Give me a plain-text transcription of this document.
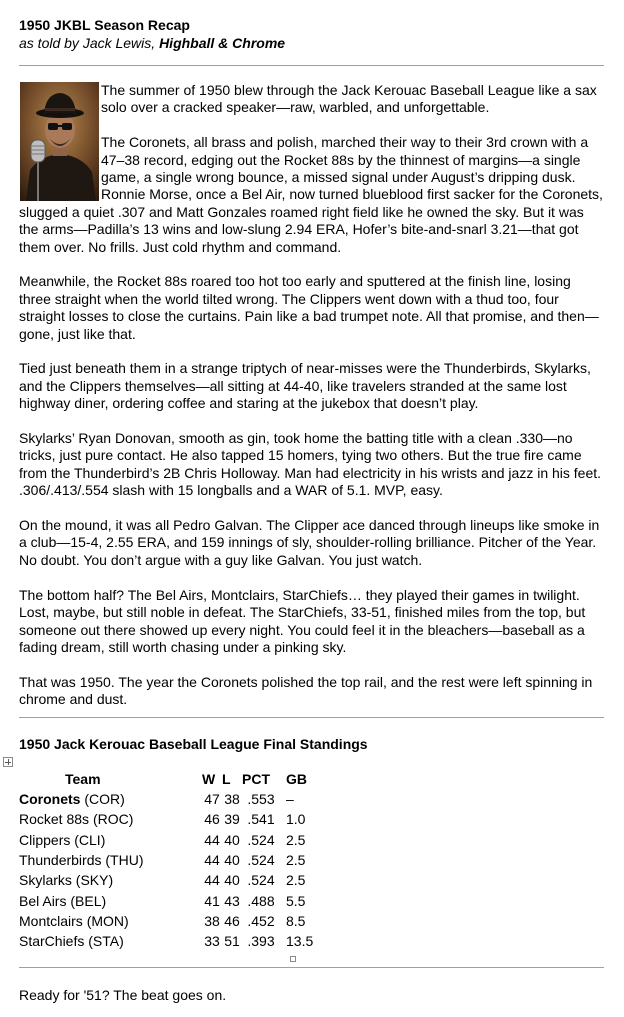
1950 JKBL Season Recap
as told by Jack Lewis, Highball & Chrome

The summer of 1950 blew through the Jack Kerouac Baseball League like a sax solo over a cracked speaker—raw, warbled, and unforgettable.

The Coronets, all brass and polish, marched their way to their 3rd crown with a 47–38 record, edging out the Rocket 88s by the thinnest of margins—a single game, a single wrong bounce, a missed signal under August’s dripping dusk. Ronnie Morse, once a Bel Air, now turned blueblood first sacker for the Coronets, slugged a quiet .307 and Matt Gonzales roamed right field like he owned the sky. But it was the arms—Padilla’s 13 wins and low-slung 2.94 ERA, Hofer’s bite-and-snarl 3.21—that got them over. No frills. Just cold rhythm and command.

Meanwhile, the Rocket 88s roared too hot too early and sputtered at the finish line, losing three straight when the world tilted wrong. The Clippers went down with a thud too, four straight losses to close the curtains. Pain like a bad trumpet note. All that promise, and then—gone, just like that.

Tied just beneath them in a strange triptych of near-misses were the Thunderbirds, Skylarks, and the Clippers themselves—all sitting at 44-40, like travelers stranded at the same lost highway diner, ordering coffee and staring at the jukebox that doesn’t play.

Skylarks’ Ryan Donovan, smooth as gin, took home the batting title with a clean .330—no tricks, just pure contact. He also tapped 15 homers, tying two others. But the true fire came from the Thunderbird’s 2B Chris Holloway. Man had electricity in his wrists and jazz in his feet. .306/.413/.554 slash with 15 longballs and a WAR of 5.1. MVP, easy.

On the mound, it was all Pedro Galvan. The Clipper ace danced through lineups like smoke in a club—15-4, 2.55 ERA, and 159 innings of sly, shoulder-rolling brilliance. Pitcher of the Year. No doubt. You don’t argue with a guy like Galvan. You just watch.

The bottom half? The Bel Airs, Montclairs, StarChiefs… they played their games in twilight. Lost, maybe, but still noble in defeat. The StarChiefs, 33-51, finished miles from the top, but someone out there showed up every night. You could feel it in the bleachers—baseball as a fading dream, still worth chasing under a pinking sky.

That was 1950. The year the Coronets polished the top rail, and the rest were left spinning in chrome and dust.

1950 Jack Kerouac Baseball League Final Standings
Team	W	L	PCT	GB
Coronets (COR)	47	38	.553	–
Rocket 88s (ROC)	46	39	.541	1.0
Clippers (CLI)	44	40	.524	2.5
Thunderbirds (THU)	44	40	.524	2.5
Skylarks (SKY)	44	40	.524	2.5
Bel Airs (BEL)	41	43	.488	5.5
Montclairs (MON)	38	46	.452	8.5
StarChiefs (STA)	33	51	.393	13.5
Ready for '51? The beat goes on.
